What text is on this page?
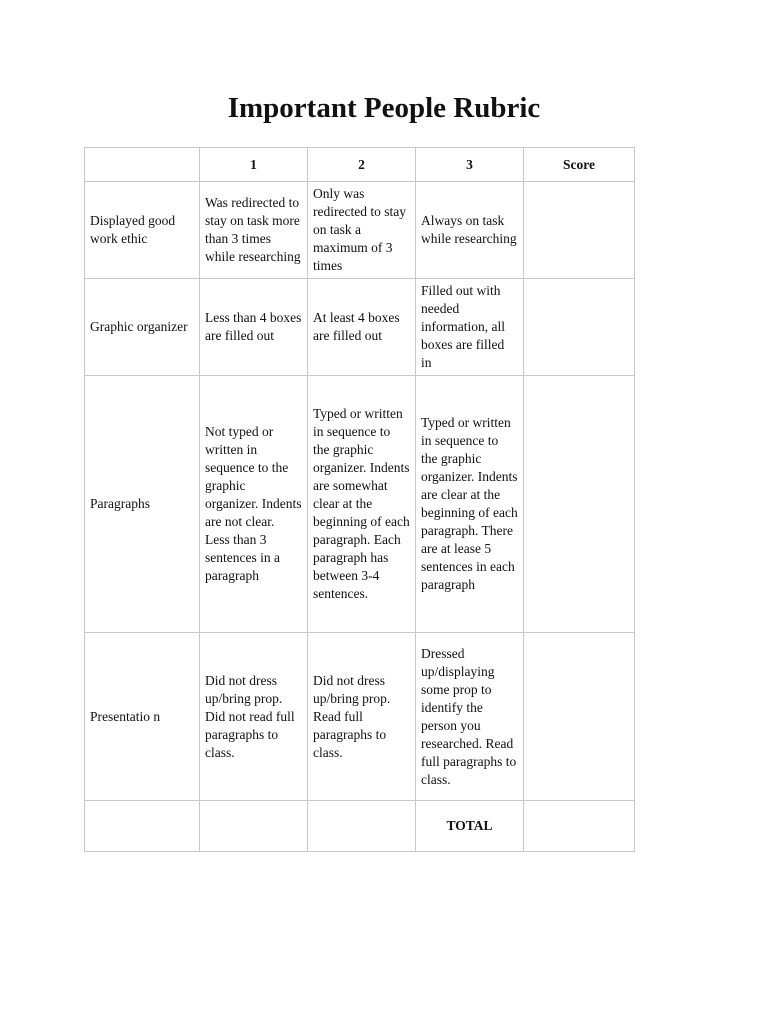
Important People Rubric
	1	2	3	Score
Displayed good work ethic	Was redirected to stay on task more than 3 times while researching	Only was redirected to stay on task a maximum of 3 times	Always on task while researching	
Graphic organizer	Less than 4 boxes are filled out	At least 4 boxes are filled out	Filled out with needed information, all boxes are filled in	
Paragraphs	Not typed or written in sequence to the graphic organizer. Indents are not clear. Less than 3 sentences in a paragraph	Typed or written in sequence to the graphic organizer. Indents are somewhat clear at the beginning of each paragraph. Each paragraph has between 3-4 sentences.	Typed or written in sequence to the graphic organizer. Indents are clear at the beginning of each paragraph. There are at lease 5 sentences in each paragraph	
Presentatio n	Did not dress up/bring prop. Did not read full paragraphs to class.	Did not dress up/bring prop. Read full paragraphs to class.	Dressed up/displaying some prop to identify the person you researched. Read full paragraphs to class.	
			TOTAL	
